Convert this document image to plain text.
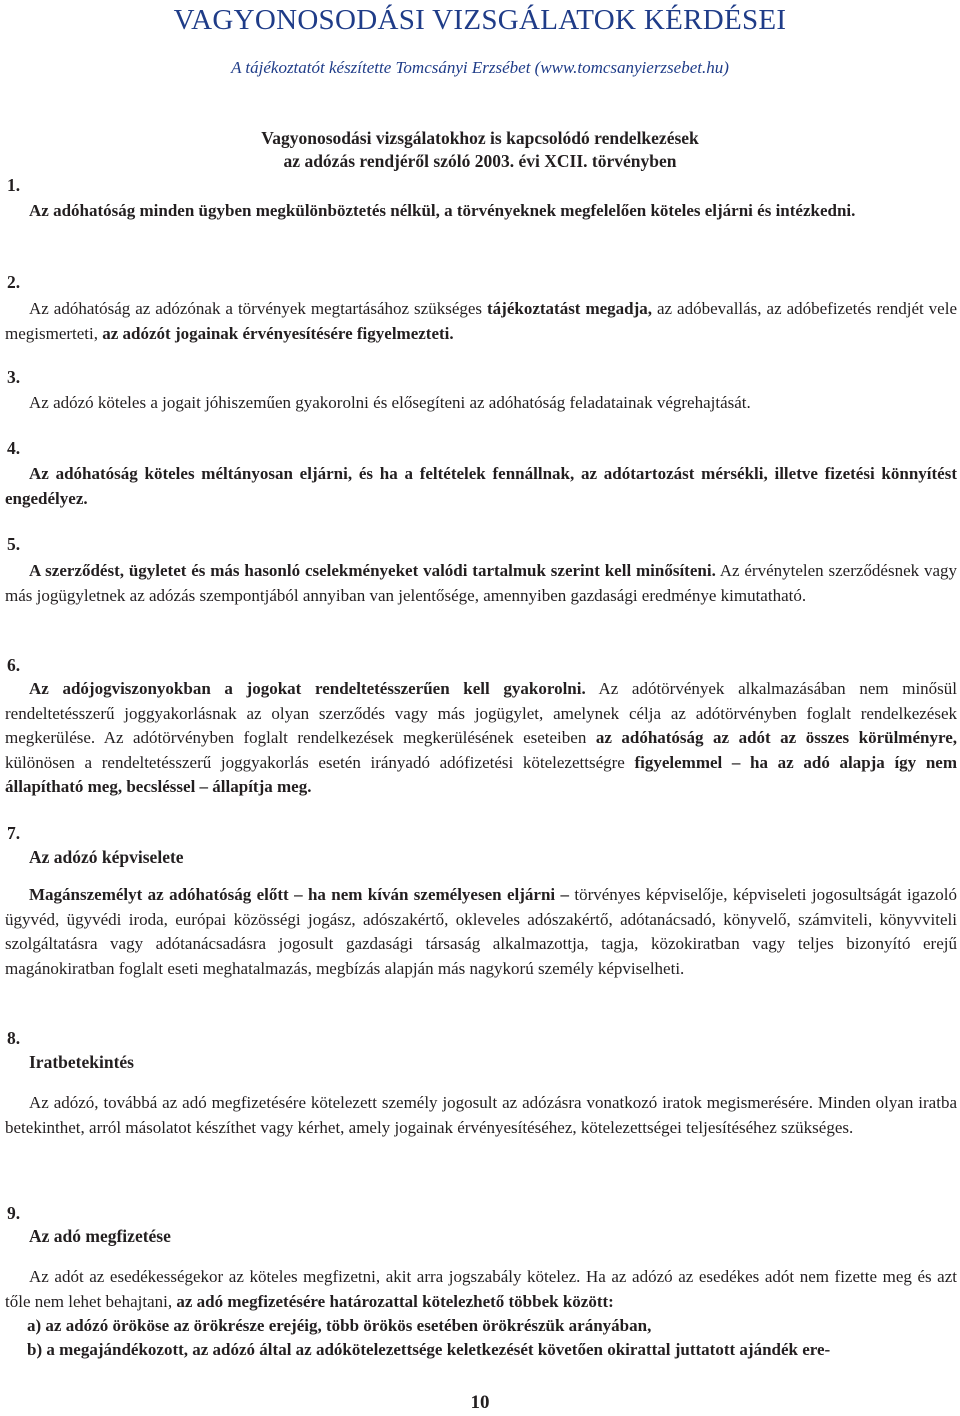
VAGYONOSODÁSI VIZSGÁLATOK KÉRDÉSEI
A tájékoztatót készítette Tomcsányi Erzsébet (www.tomcsanyierzsebet.hu)
Vagyonosodási vizsgálatokhoz is kapcsolódó rendelkezések
az adózás rendjéről szóló 2003. évi XCII. törvényben
1.

Az adóhatóság minden ügyben megkülönböztetés nélkül, a törvényeknek megfelelően köteles eljárni és intézkedni.

2.

Az adóhatóság az adózónak a törvények megtartásához szükséges tájékoztatást megadja, az adóbevallás, az adóbefizetés rendjét vele megismerteti, az adózót jogainak érvényesítésére figyelmezteti.

3.

Az adózó köteles a jogait jóhiszeműen gyakorolni és elősegíteni az adóhatóság feladatainak végrehajtását.

4.

Az adóhatóság köteles méltányosan eljárni, és ha a feltételek fennállnak, az adótartozást mérsékli, illetve fizetési könnyítést engedélyez.

5.

A szerződést, ügyletet és más hasonló cselekményeket valódi tartalmuk szerint kell minősíteni. Az érvénytelen szerződésnek vagy más jogügyletnek az adózás szempontjából annyiban van jelentősége, amennyiben gazdasági eredménye kimutatható.

6.

Az adójogviszonyokban a jogokat rendeltetésszerűen kell gyakorolni. Az adótörvények alkalmazásában nem minősül rendeltetésszerű joggyakorlásnak az olyan szerződés vagy más jogügylet, amelynek célja az adótörvényben foglalt rendelkezések megkerülése. Az adótörvényben foglalt rendelkezések megkerülésének eseteiben az adóhatóság az adót az összes körülményre, különösen a rendeltetésszerű joggyakorlás esetén irányadó adófizetési kötelezettségre figyelemmel – ha az adó alapja így nem állapítható meg, becsléssel – állapítja meg.

7.
Az adózó képviselete

Magánszemélyt az adóhatóság előtt – ha nem kíván személyesen eljárni – törvényes képviselője, képviseleti jogosultságát igazoló ügyvéd, ügyvédi iroda, európai közösségi jogász, adószakértő, okleveles adószakértő, adótanácsadó, könyvelő, számviteli, könyvviteli szolgáltatásra vagy adótanácsadásra jogosult gazdasági társaság alkalmazottja, tagja, közokiratban vagy teljes bizonyító erejű magánokiratban foglalt eseti meghatalmazás, megbízás alapján más nagykorú személy képviselheti.

8.
Iratbetekintés

Az adózó, továbbá az adó megfizetésére kötelezett személy jogosult az adózásra vonatkozó iratok megismerésére. Minden olyan iratba betekinthet, arról másolatot készíthet vagy kérhet, amely jogainak érvényesítéséhez, kötelezettségei teljesítéséhez szükséges.

9.
Az adó megfizetése

Az adót az esedékességekor az köteles megfizetni, akit arra jogszabály kötelez. Ha az adózó az esedékes adót nem fizette meg és azt tőle nem lehet behajtani, az adó megfizetésére határozattal kötelezhető többek között:

a) az adózó örököse az örökrésze erejéig, több örökös esetében örökrészük arányában,

b) a megajándékozott, az adózó által az adókötelezettsége keletkezését követően okirattal juttatott ajándék ere-

10
